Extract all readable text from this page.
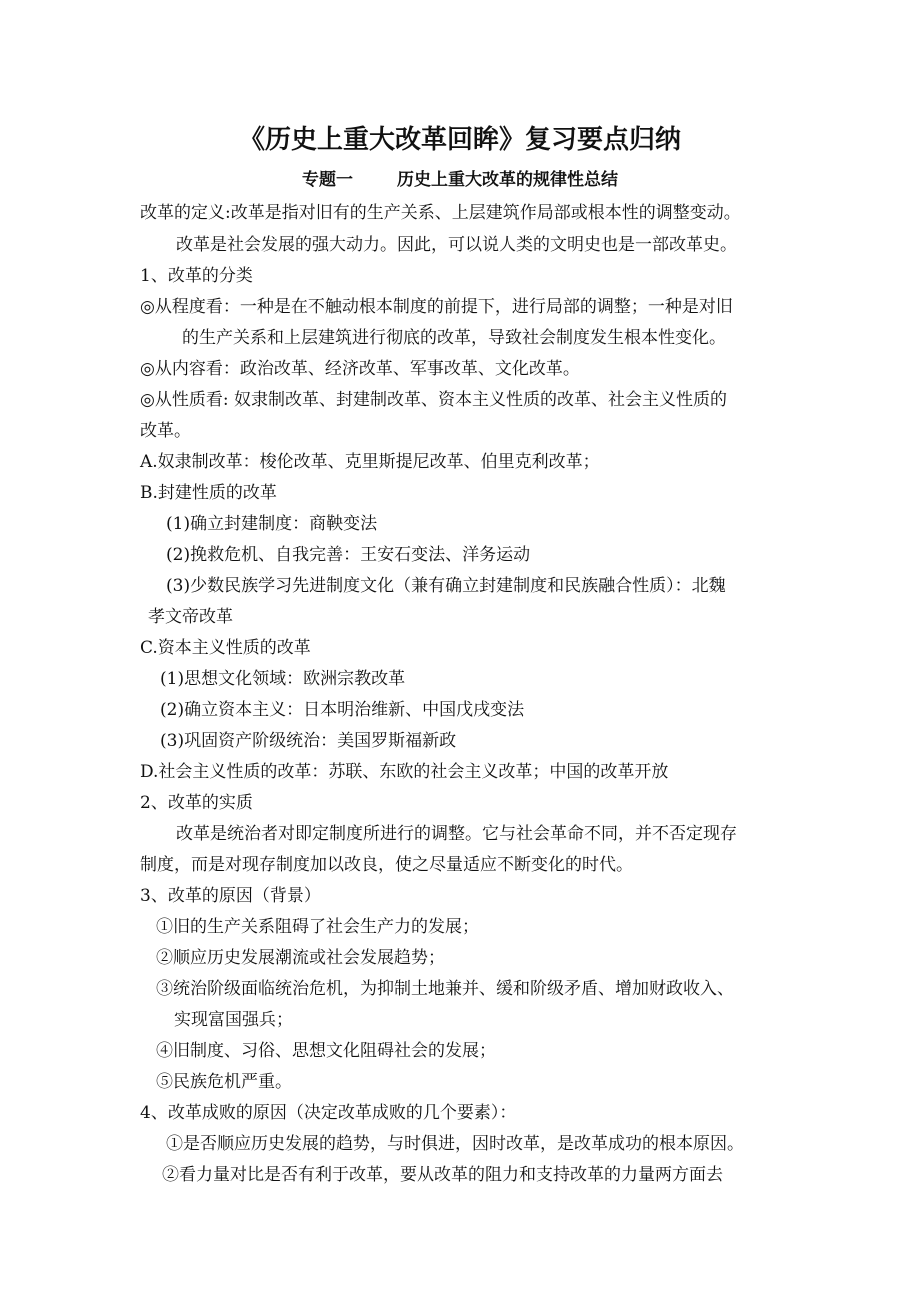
《历史上重大改革回眸》复习要点归纳
专题一	历史上重大改革的规律性总结
改革的定义:改革是指对旧有的生产关系、上层建筑作局部或根本性的调整变动。
改革是社会发展的强大动力。因此，可以说人类的文明史也是一部改革史。
1、改革的分类
◎从程度看：一种是在不触动根本制度的前提下，进行局部的调整；一种是对旧
的生产关系和上层建筑进行彻底的改革，导致社会制度发生根本性变化。
◎从内容看：政治改革、经济改革、军事改革、文化改革。
◎从性质看: 奴隶制改革、封建制改革、资本主义性质的改革、社会主义性质的
改革。
A.奴隶制改革：梭伦改革、克里斯提尼改革、伯里克利改革；
B.封建性质的改革
(1)确立封建制度：商鞅变法
(2)挽救危机、自我完善：王安石变法、洋务运动
(3)少数民族学习先进制度文化（兼有确立封建制度和民族融合性质）：北魏
孝文帝改革
C.资本主义性质的改革
(1)思想文化领域：欧洲宗教改革
(2)确立资本主义：日本明治维新、中国戊戌变法
(3)巩固资产阶级统治：美国罗斯福新政
D.社会主义性质的改革：苏联、东欧的社会主义改革；中国的改革开放
2、改革的实质
改革是统治者对即定制度所进行的调整。它与社会革命不同，并不否定现存
制度，而是对现存制度加以改良，使之尽量适应不断变化的时代。
3、改革的原因（背景）
①旧的生产关系阻碍了社会生产力的发展；
②顺应历史发展潮流或社会发展趋势；
③统治阶级面临统治危机，为抑制土地兼并、缓和阶级矛盾、增加财政收入、
实现富国强兵；
④旧制度、习俗、思想文化阻碍社会的发展；
⑤民族危机严重。
4、改革成败的原因（决定改革成败的几个要素）：
①是否顺应历史发展的趋势，与时俱进，因时改革，是改革成功的根本原因。
②看力量对比是否有利于改革，要从改革的阻力和支持改革的力量两方面去
